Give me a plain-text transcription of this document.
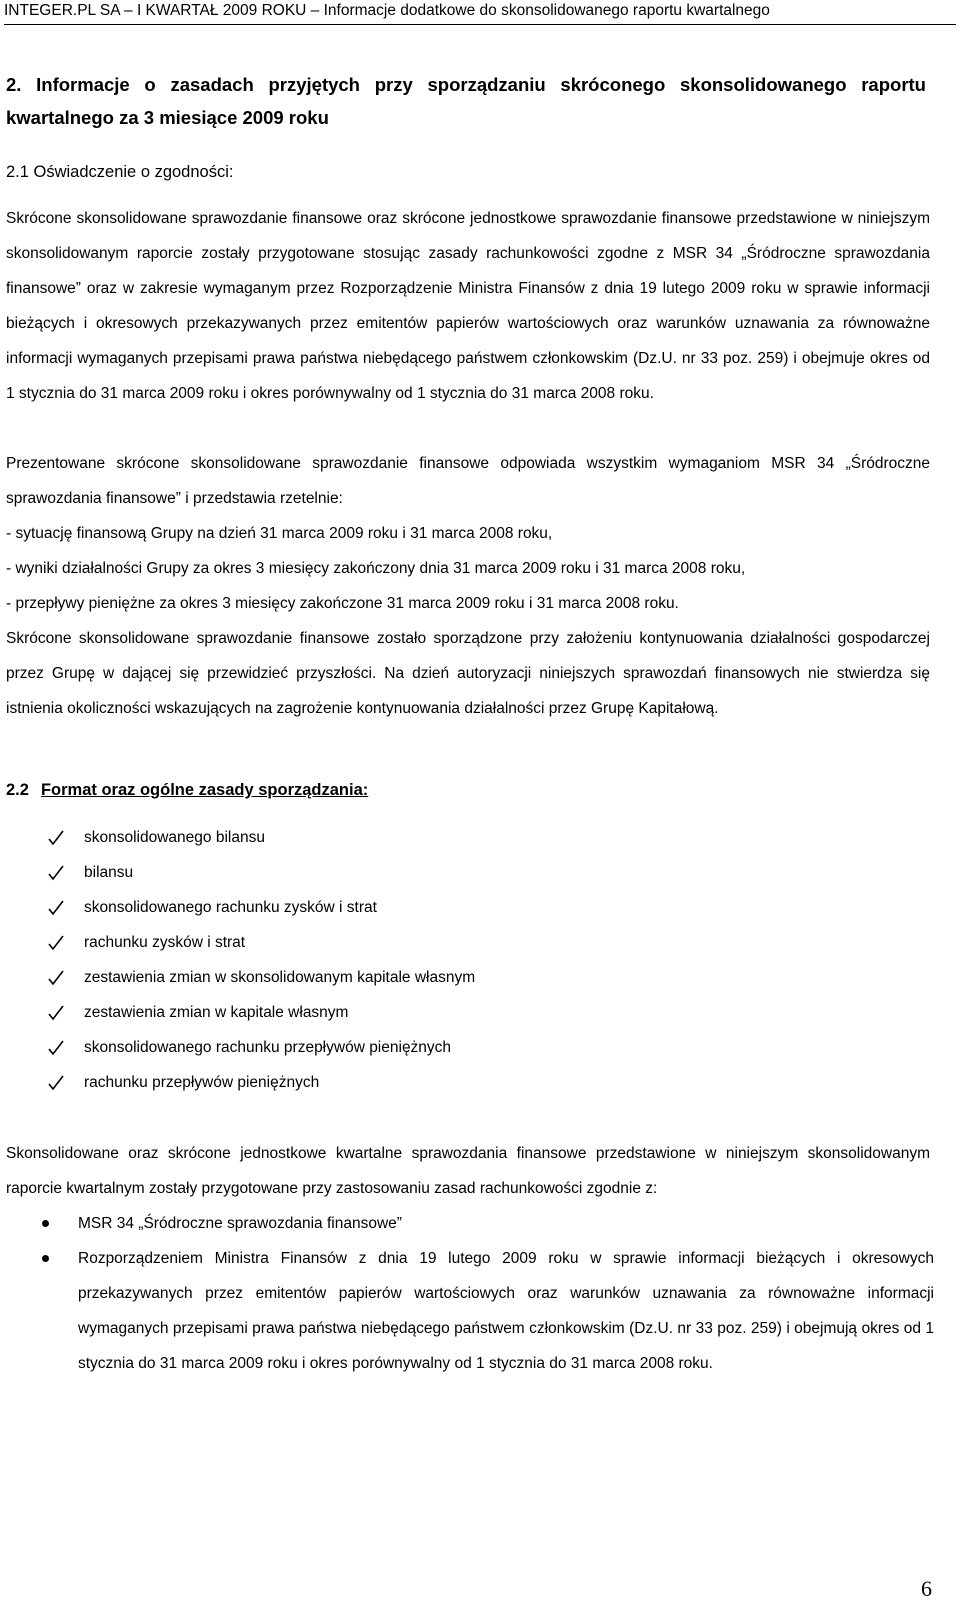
INTEGER.PL SA – I KWARTAŁ 2009 ROKU – Informacje dodatkowe do skonsolidowanego raportu kwartalnego
2. Informacje o zasadach przyjętych przy sporządzaniu skróconego skonsolidowanego raportu kwartalnego za 3 miesiące 2009 roku
2.1 Oświadczenie o zgodności:

Skrócone skonsolidowane sprawozdanie finansowe oraz skrócone jednostkowe sprawozdanie finansowe przedstawione w niniejszym skonsolidowanym raporcie zostały przygotowane stosując zasady rachunkowości zgodne z MSR 34 „Śródroczne sprawozdania finansowe” oraz w zakresie wymaganym przez Rozporządzenie Ministra Finansów z dnia 19 lutego 2009 roku w sprawie informacji bieżących i okresowych przekazywanych przez emitentów papierów wartościowych oraz warunków uznawania za równoważne informacji wymaganych przepisami prawa państwa niebędącego państwem członkowskim (Dz.U. nr 33 poz. 259) i obejmuje okres od 1 stycznia do 31 marca 2009 roku i okres porównywalny od 1 stycznia do 31 marca 2008 roku.

Prezentowane skrócone skonsolidowane sprawozdanie finansowe odpowiada wszystkim wymaganiom MSR 34 „Śródroczne sprawozdania finansowe” i przedstawia rzetelnie:

- sytuację finansową Grupy na dzień 31 marca 2009 roku i 31 marca 2008 roku,

- wyniki działalności Grupy za okres 3 miesięcy zakończony dnia 31 marca 2009 roku i 31 marca 2008 roku,

- przepływy pieniężne za okres 3 miesięcy zakończone 31 marca 2009 roku i 31 marca 2008 roku.

Skrócone skonsolidowane sprawozdanie finansowe zostało sporządzone przy założeniu kontynuowania działalności gospodarczej przez Grupę w dającej się przewidzieć przyszłości. Na dzień autoryzacji niniejszych sprawozdań finansowych nie stwierdza się istnienia okoliczności wskazujących na zagrożenie kontynuowania działalności przez Grupę Kapitałową.

2.2 Format oraz ogólne zasady sporządzania:
skonsolidowanego bilansu
bilansu
skonsolidowanego rachunku zysków i strat
rachunku zysków i strat
zestawienia zmian w skonsolidowanym kapitale własnym
zestawienia zmian w kapitale własnym
skonsolidowanego rachunku przepływów pieniężnych
rachunku przepływów pieniężnych

Skonsolidowane oraz skrócone jednostkowe kwartalne sprawozdania finansowe przedstawione w niniejszym skonsolidowanym raporcie kwartalnym zostały przygotowane przy zastosowaniu zasad rachunkowości zgodnie z:

MSR 34 „Śródroczne sprawozdania finansowe”
Rozporządzeniem Ministra Finansów z dnia 19 lutego 2009 roku w sprawie informacji bieżących i okresowych przekazywanych przez emitentów papierów wartościowych oraz warunków uznawania za równoważne informacji wymaganych przepisami prawa państwa niebędącego państwem członkowskim (Dz.U. nr 33 poz. 259) i obejmują okres od 1 stycznia do 31 marca 2009 roku i okres porównywalny od 1 stycznia do 31 marca 2008 roku.
6
